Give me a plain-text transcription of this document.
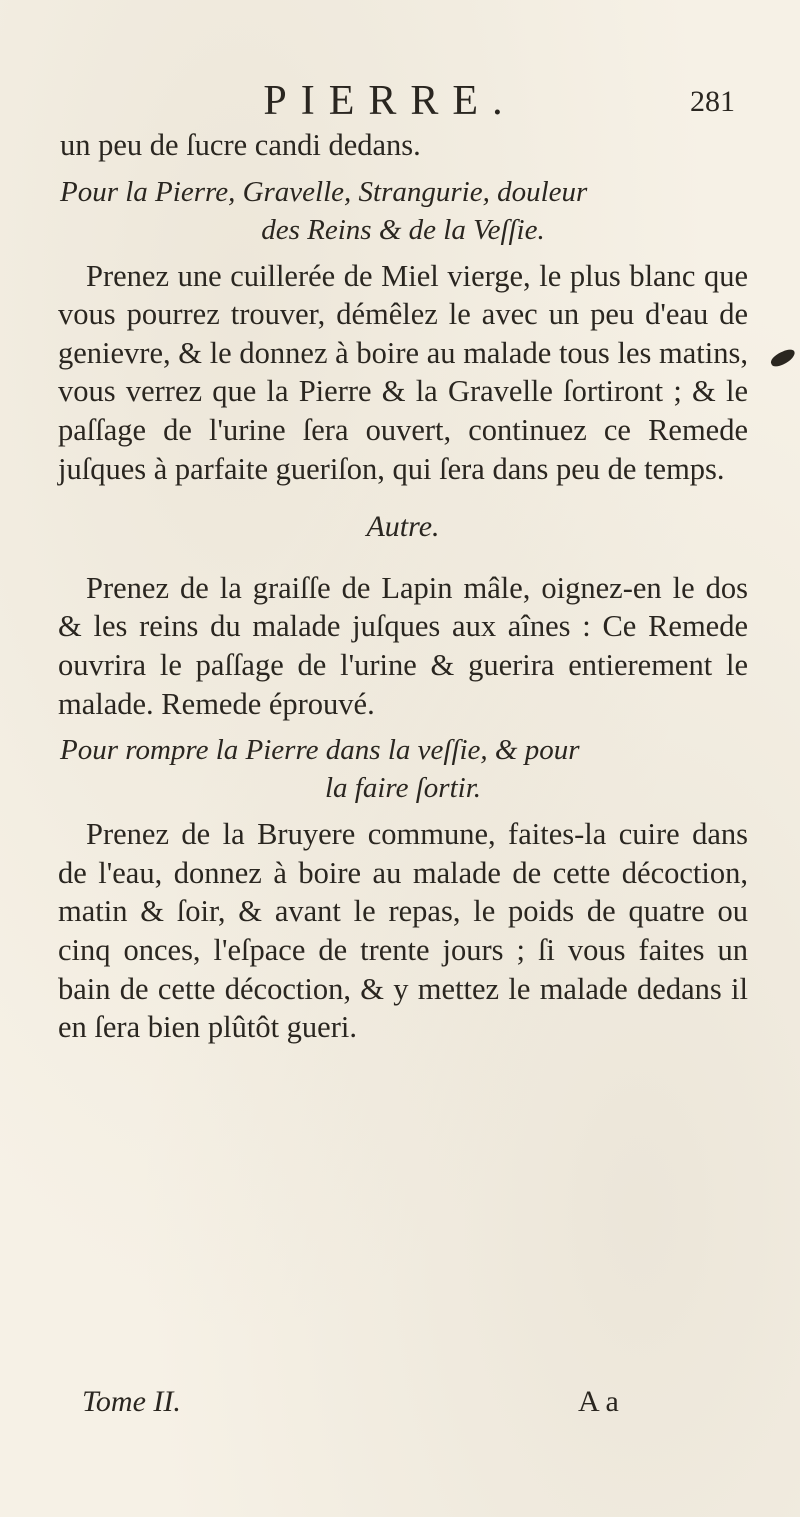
PIERRE.	281

un peu de ſucre candi dedans.

Pour la Pierre, Gravelle, Strangurie, douleur
des Reins & de la Veſſie.

Prenez une cuillerée de Miel vierge, le plus blanc que vous pourrez trouver, démêlez le avec un peu d'eau de genievre, & le donnez à boire au malade tous les matins, vous verrez que la Pierre & la Gravelle ſortiront ; & le paſſage de l'urine ſera ouvert, continuez ce Remede juſques à parfaite gueriſon, qui ſera dans peu de temps.

Autre.

Prenez de la graiſſe de Lapin mâle, oignez-en le dos & les reins du malade juſques aux aînes : Ce Remede ouvrira le paſſage de l'urine & guerira entierement le malade. Remede éprouvé.

Pour rompre la Pierre dans la veſſie, & pour
la faire ſortir.

Prenez de la Bruyere commune, faites-la cuire dans de l'eau, donnez à boire au malade de cette décoction, matin & ſoir, & avant le repas, le poids de quatre ou cinq onces, l'eſpace de trente jours ; ſi vous faites un bain de cette décoction, & y mettez le malade dedans il en ſera bien plûtôt gueri.

Tome II.	A a
